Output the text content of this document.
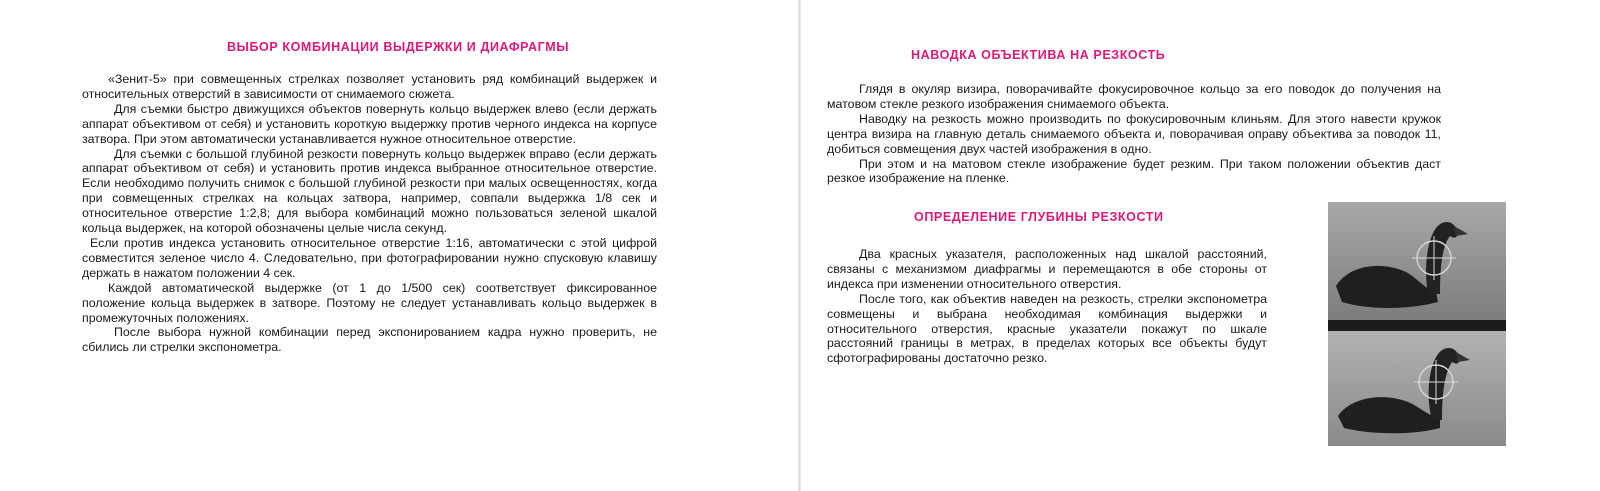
ВЫБОР КОМБИНАЦИИ ВЫДЕРЖКИ И ДИАФРАГМЫ

«Зенит-5» при совмещенных стрелках позволяет установить ряд комбинаций выдержек и относительных отверстий в зависимости от снимаемого сюжета.

Для съемки быстро движущихся объектов повернуть кольцо выдержек влево (если держать аппарат объективом от себя) и установить короткую выдержку против черного индекса на корпусе затвора. При этом автоматически устанавливается нужное относительное отверстие.

Для съемки с большой глубиной резкости повернуть кольцо выдержек вправо (если держать аппарат объективом от себя) и установить против индекса выбранное относительное отверстие. Если необходимо получить снимок с большой глубиной резкости при малых освещенностях, когда при совмещенных стрелках на кольцах затвора, например, совпали выдержка 1/8 сек и относительное отверстие 1:2,8; для выбора комбинаций можно пользоваться зеленой шкалой кольца выдержек, на которой обозначены целые числа секунд.

Если против индекса установить относительное отверстие 1:16, автоматически с этой цифрой совместится зеленое число 4. Следовательно, при фотографировании нужно спусковую клавишу держать в нажатом положении 4 сек.

Каждой автоматической выдержке (от 1 до 1/500 сек) соответствует фиксированное положение кольца выдержек в затворе. Поэтому не следует устанавливать кольцо выдержек в промежуточных положениях.

После выбора нужной комбинации перед экспонированием кадра нужно проверить, не сбились ли стрелки экспонометра.

НАВОДКА ОБЪЕКТИВА НА РЕЗКОСТЬ

Глядя в окуляр визира, поворачивайте фокусировочное кольцо за его поводок до получения на матовом стекле резкого изображения снимаемого объекта.

Наводку на резкость можно производить по фокусировочным клиньям. Для этого навести кружок центра визира на главную деталь снимаемого объекта и, поворачивая оправу объектива за поводок 11, добиться совмещения двух частей изображения в одно.

При этом и на матовом стекле изображение будет резким. При таком положении объектив даст резкое изображение на пленке.

ОПРЕДЕЛЕНИЕ ГЛУБИНЫ РЕЗКОСТИ

Два красных указателя, расположенных над шкалой расстояний, связаны с механизмом диафрагмы и перемещаются в обе стороны от индекса при изменении относительного отверстия.

После того, как объектив наведен на резкость, стрелки экспонометра совмещены и выбрана необходимая комбинация выдержки и относительного отверстия, красные указатели покажут по шкале расстояний границы в метрах, в пределах которых все объекты будут сфотографированы достаточно резко.
